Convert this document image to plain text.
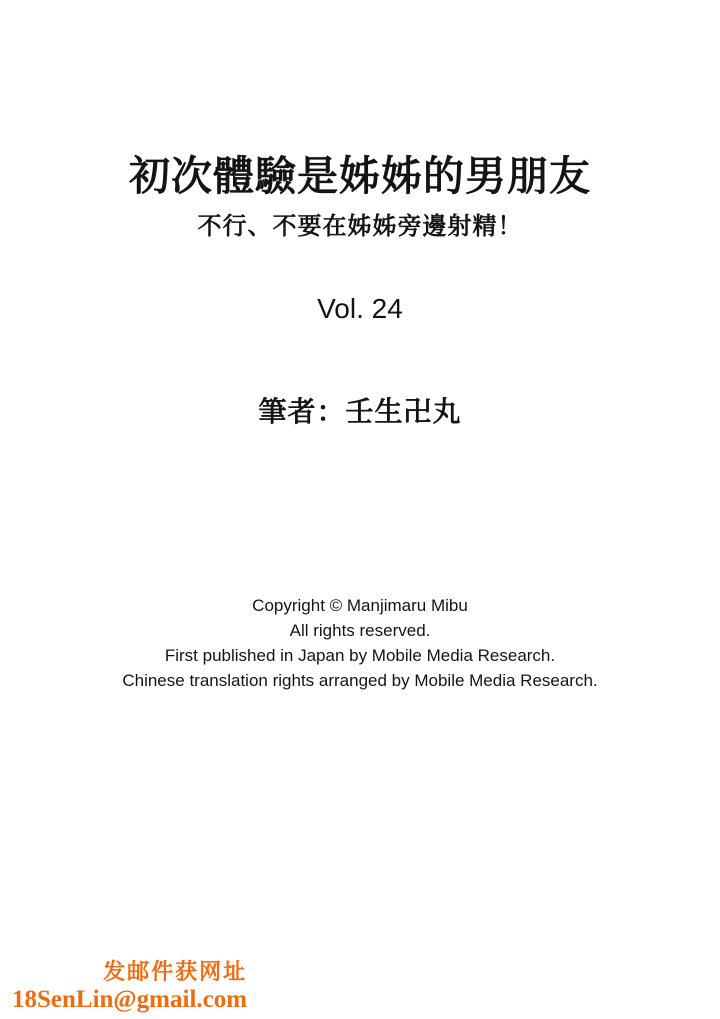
初次體驗是姊姊的男朋友
不行、不要在姊姊旁邊射精！
Vol. 24
筆者：壬生卍丸

Copyright © Manjimaru Mibu

All rights reserved.

First published in Japan by Mobile Media Research.

Chinese translation rights arranged by Mobile Media Research.

发邮件获网址
18SenLin@gmail.com
